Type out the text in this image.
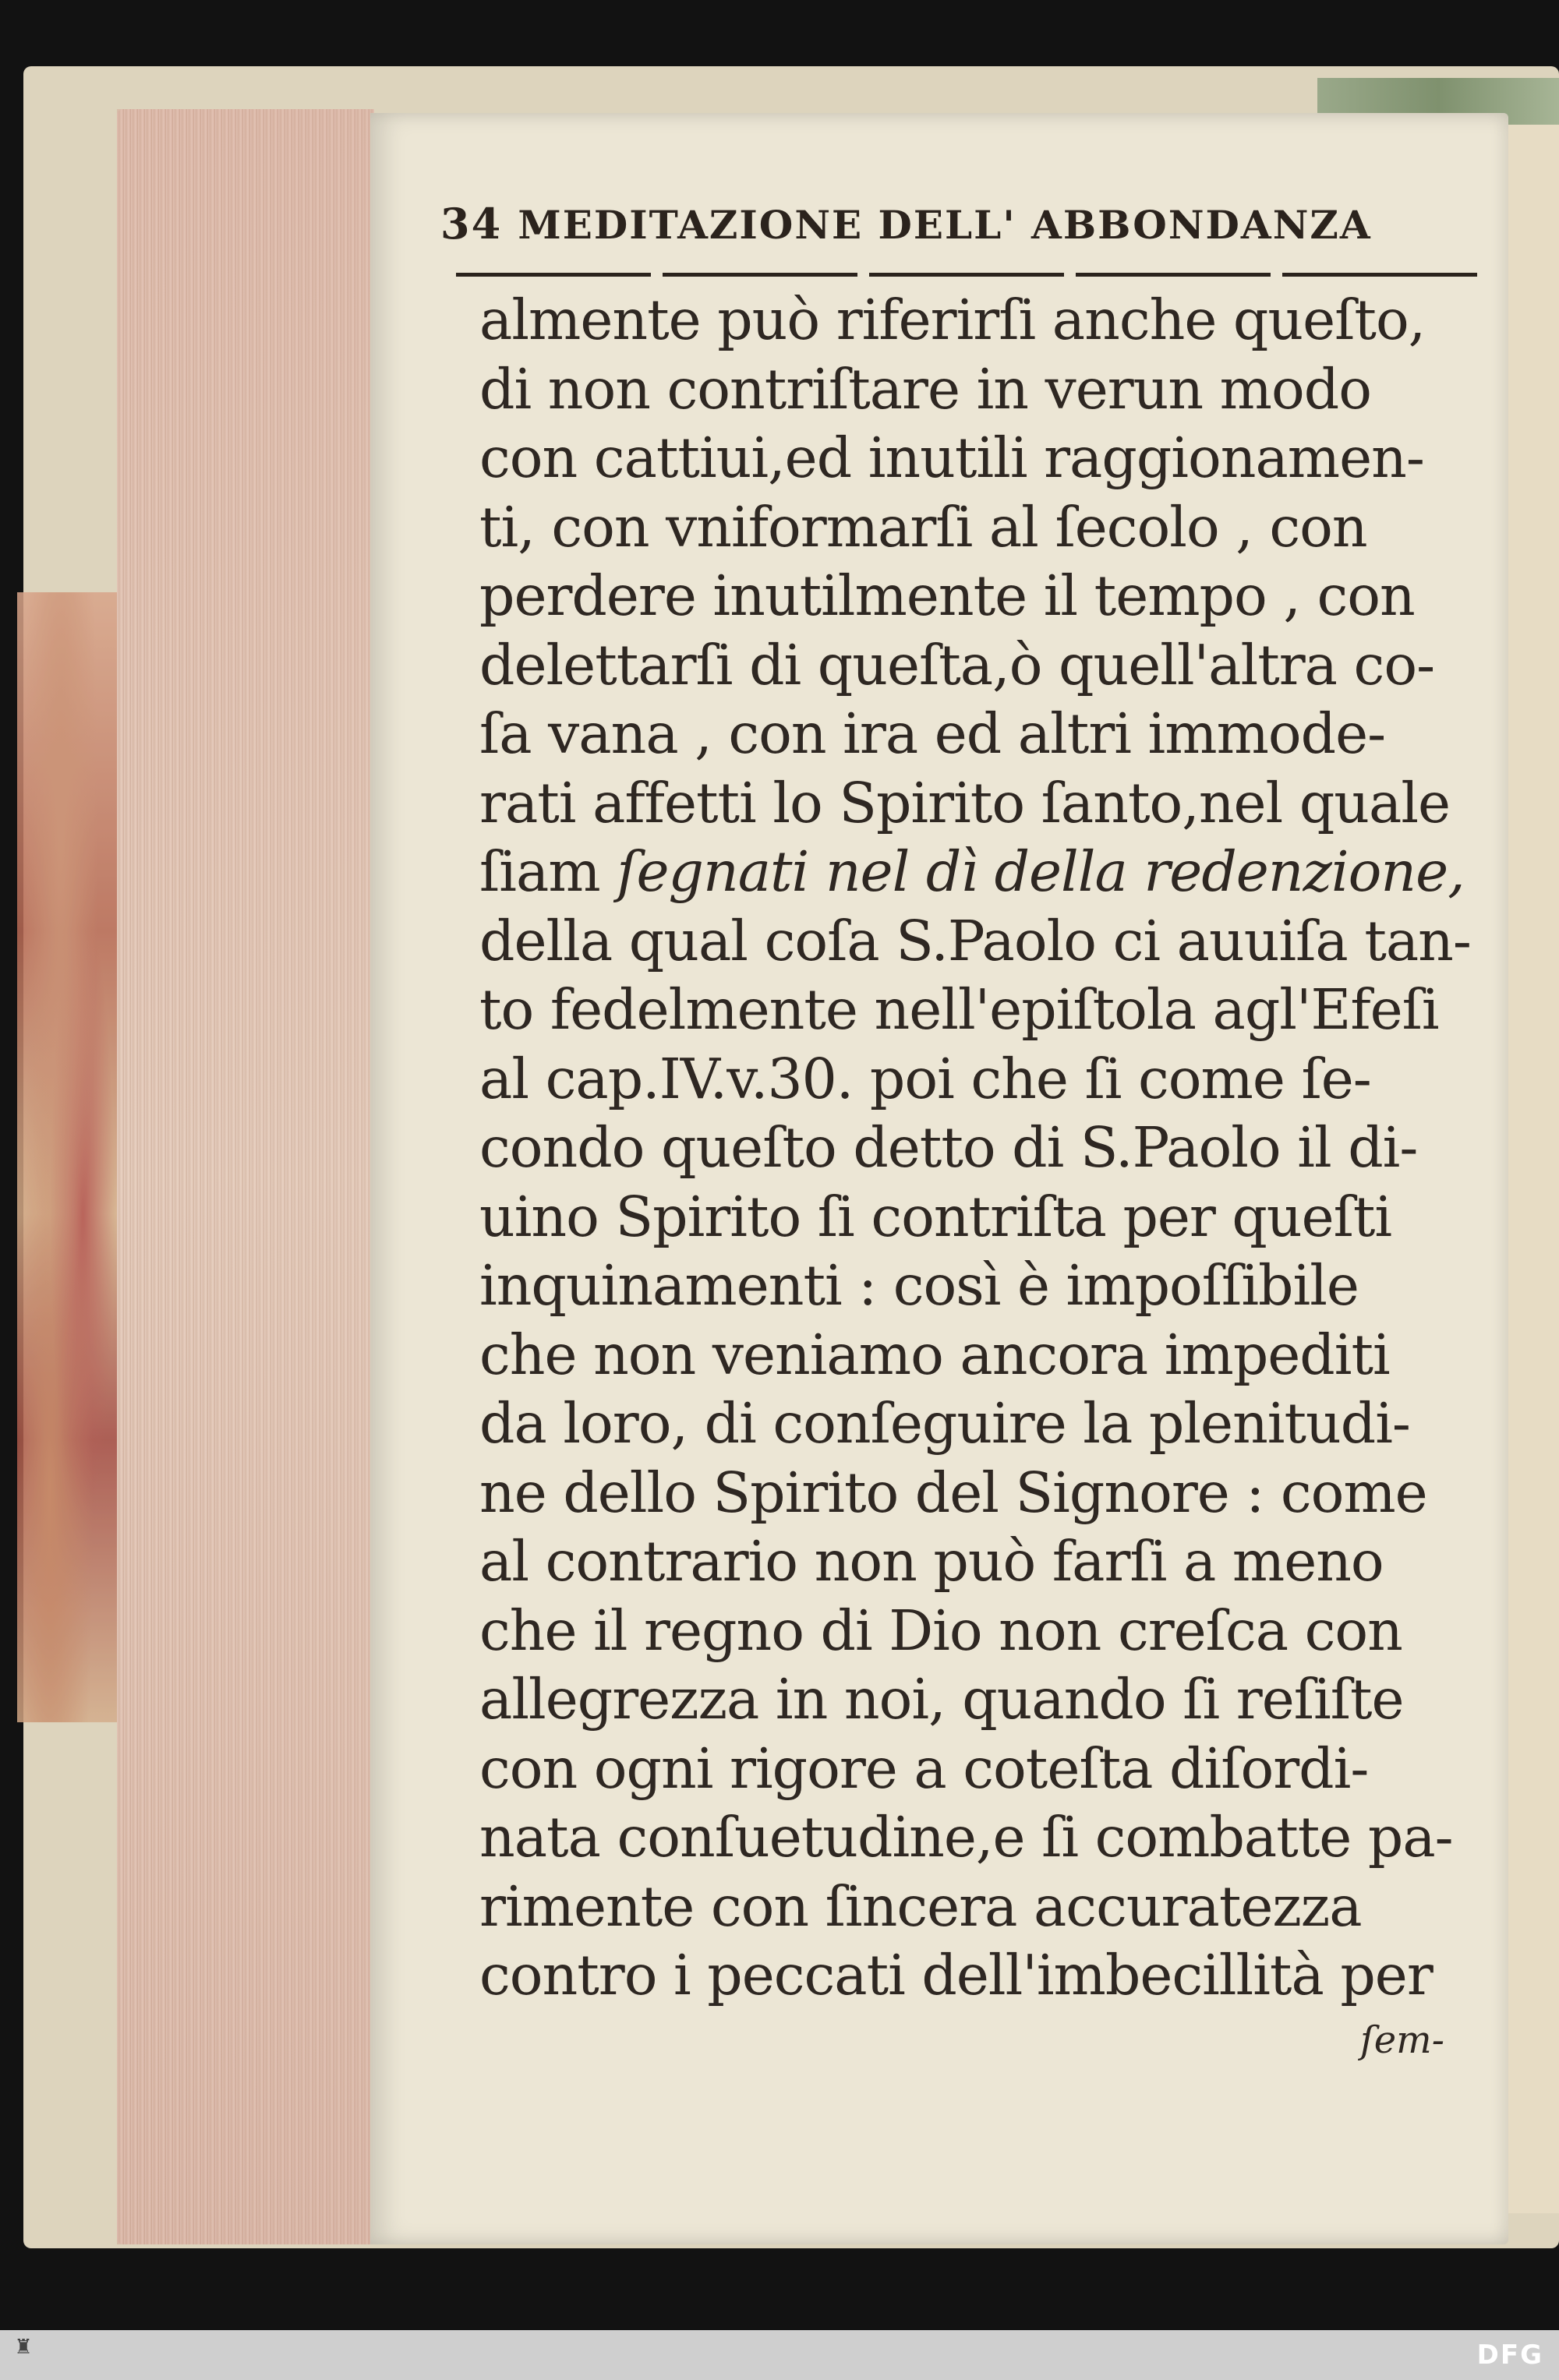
34 MEDITAZIONE DELL' ABBONDANZA
almente può riferirſi anche queſto,
di non contriſtare in verun modo
con cattiui,ed inutili raggionamen-
ti, con vniformarſi al ſecolo , con
perdere inutilmente il tempo , con
delettarſi di queſta,ò quell'altra co-
ſa vana , con ira ed altri immode-
rati affetti lo Spirito ſanto,nel quale
ſiam ſegnati nel dì della redenzione,
della qual coſa S.Paolo ci auuiſa tan-
to fedelmente nell'epiſtola agl'Efeſi
al cap.IV.v.30. poi che ſi come ſe-
condo queſto detto di S.Paolo il di-
uino Spirito ſi contriſta per queſti
inquinamenti : così è impoſſibile
che non veniamo ancora impediti
da loro, di conſeguire la plenitudi-
ne dello Spirito del Signore : come
al contrario non può farſi a meno
che il regno di Dio non creſca con
allegrezza in noi, quando ſi reſiſte
con ogni rigore a coteſta diſordi-
nata conſuetudine,e ſi combatte pa-
rimente con ſincera accuratezza
contro i peccati dell'imbecillità per
ſem-
♜	DFG
